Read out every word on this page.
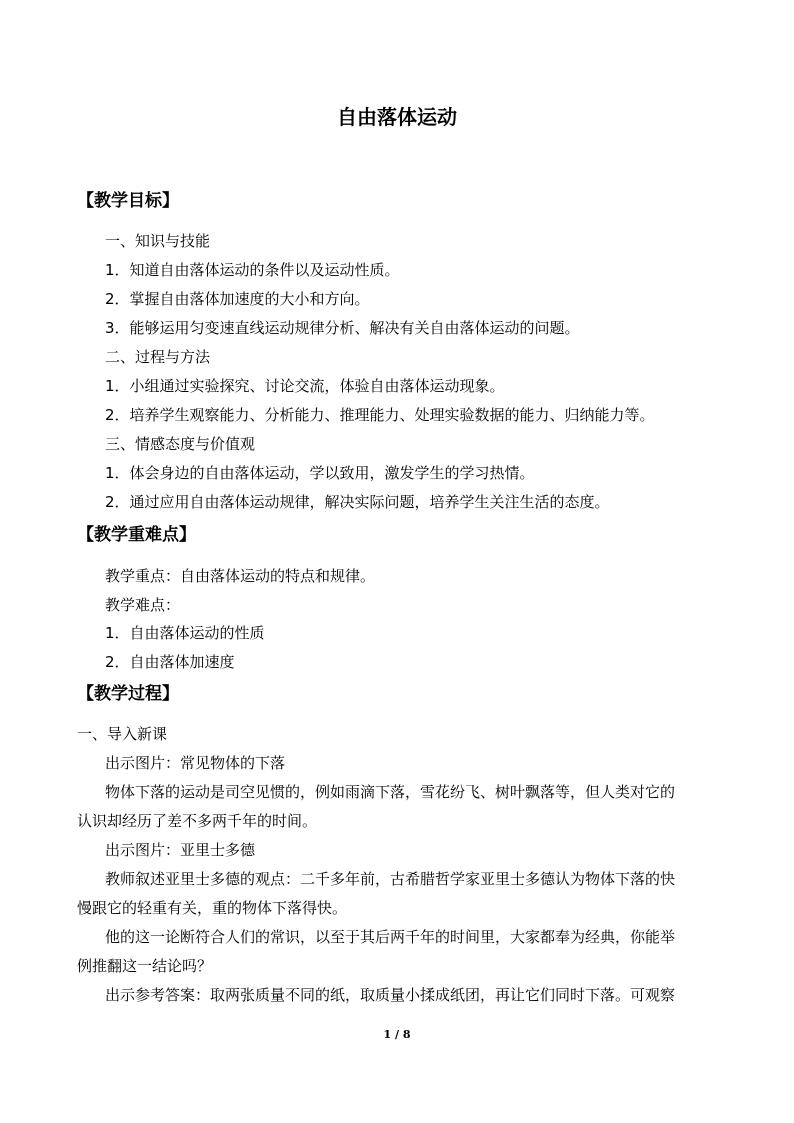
自由落体运动
【教学目标】
一、知识与技能
1．知道自由落体运动的条件以及运动性质。
2．掌握自由落体加速度的大小和方向。
3．能够运用匀变速直线运动规律分析、解决有关自由落体运动的问题。
二、过程与方法
1．小组通过实验探究、讨论交流，体验自由落体运动现象。
2．培养学生观察能力、分析能力、推理能力、处理实验数据的能力、归纳能力等。
三、情感态度与价值观
1．体会身边的自由落体运动，学以致用，激发学生的学习热情。
2．通过应用自由落体运动规律，解决实际问题，培养学生关注生活的态度。
【教学重难点】
教学重点：自由落体运动的特点和规律。
教学难点：
1．自由落体运动的性质
2．自由落体加速度
【教学过程】
一、导入新课
出示图片：常见物体的下落
物体下落的运动是司空见惯的，例如雨滴下落，雪花纷飞、树叶飘落等，但人类对它的
认识却经历了差不多两千年的时间。
出示图片：亚里士多德
教师叙述亚里士多德的观点：二千多年前，古希腊哲学家亚里士多德认为物体下落的快
慢跟它的轻重有关，重的物体下落得快。
他的这一论断符合人们的常识，以至于其后两千年的时间里，大家都奉为经典，你能举
例推翻这一结论吗？
出示参考答案：取两张质量不同的纸，取质量小揉成纸团，再让它们同时下落。可观察
1 / 8
